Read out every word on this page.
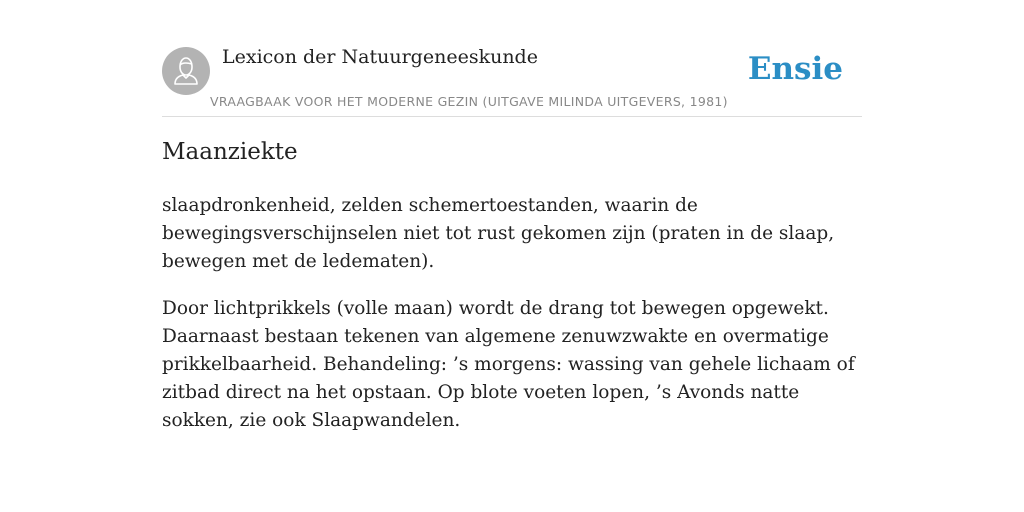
Lexicon der Natuurgeneeskunde
VRAAGBAAK VOOR HET MODERNE GEZIN (UITGAVE MILINDA UITGEVERS, 1981)
Ensie
Maanziekte

slaapdronkenheid, zelden schemertoestanden, waarin de bewegingsverschijnselen niet tot rust gekomen zijn (praten in de slaap, bewegen met de ledematen).

Door lichtprikkels (volle maan) wordt de drang tot bewegen opgewekt. Daarnaast bestaan tekenen van algemene zenuwzwakte en overmatige prikkelbaarheid. Behandeling: ’s morgens: wassing van gehele lichaam of zitbad direct na het opstaan. Op blote voeten lopen, ’s Avonds natte sokken, zie ook Slaapwandelen.
